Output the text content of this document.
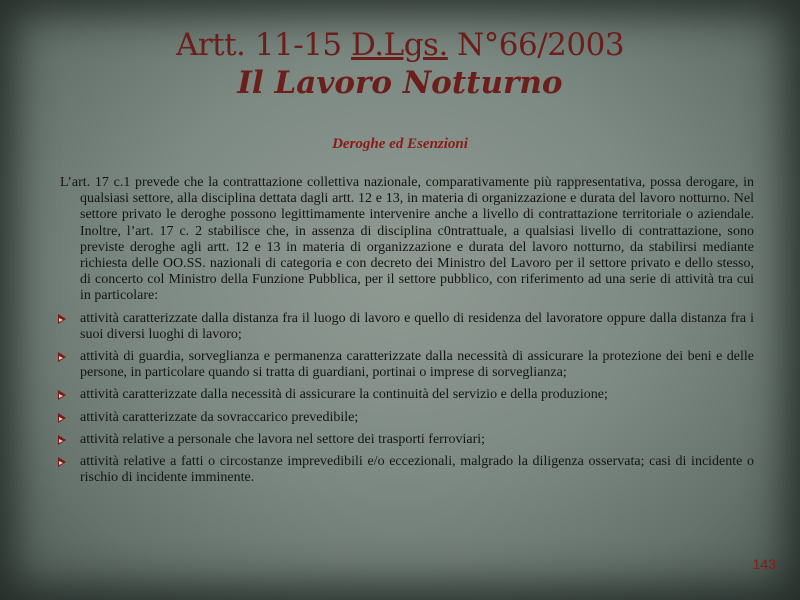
Artt. 11-15 D.Lgs. N°66/2003
Il Lavoro Notturno
Deroghe ed Esenzioni

L’art. 17 c.1 prevede che la contrattazione collettiva nazionale, comparativamente più rappresentativa, possa derogare, in qualsiasi settore, alla disciplina dettata dagli artt. 12 e 13, in materia di organizzazione e durata del lavoro notturno. Nel settore privato le deroghe possono legittimamente intervenire anche a livello di contrattazione territoriale o aziendale. Inoltre, l’art. 17 c. 2 stabilisce che, in assenza di disciplina c0ntrattuale, a qualsiasi livello di contrattazione, sono previste deroghe agli artt. 12 e 13 in materia di organizzazione e durata del lavoro notturno, da stabilirsi mediante richiesta delle OO.SS. nazionali di categoria e con decreto dei Ministro del Lavoro per il settore privato e dello stesso, di concerto col Ministro della Funzione Pubblica, per il settore pubblico, con riferimento ad una serie di attività tra cui in particolare:

attività caratterizzate dalla distanza fra il luogo di lavoro e quello di residenza del lavoratore oppure dalla distanza fra i suoi diversi luoghi di lavoro;
attività di guardia, sorveglianza e permanenza caratterizzate dalla necessità di assicurare la protezione dei beni e delle persone, in particolare quando si tratta di guardiani, portinai o imprese di sorveglianza;
attività caratterizzate dalla necessità di assicurare la continuità del servizio e della produzione;
attività caratterizzate da sovraccarico prevedibile;
attività relative a personale che lavora nel settore dei trasporti ferroviari;
attività relative a fatti o circostanze imprevedibili e/o eccezionali, malgrado la diligenza osservata; casi di incidente o rischio di incidente imminente.
143
